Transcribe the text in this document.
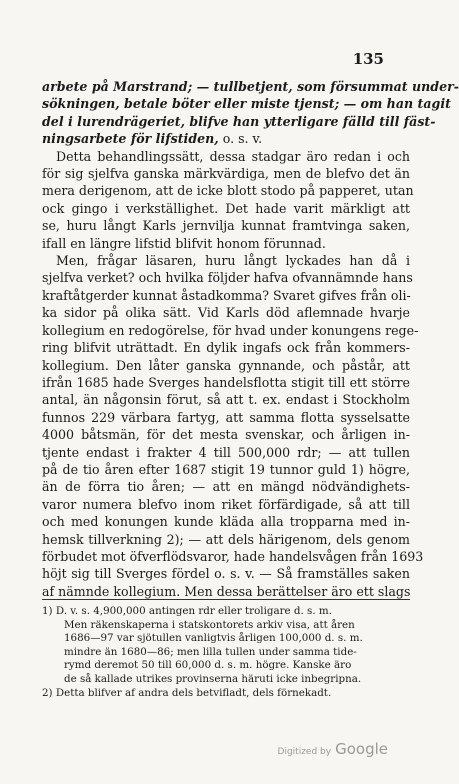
135
arbete på Marstrand; — tullbetjent, som försummat under-
sökningen, betale böter eller miste tjenst; — om han tagit
del i lurendrägeriet, blifve han ytterligare fälld till fäst-
ningsarbete för lifstiden, o. s. v.
Detta behandlingssätt, dessa stadgar äro redan i och
för sig sjelfva ganska märkvärdiga, men de blefvo det än
mera derigenom, att de icke blott stodo på papperet, utan
ock gingo i verkställighet. Det hade varit märkligt att
se, huru långt Karls jernvilja kunnat framtvinga saken,
ifall en längre lifstid blifvit honom förunnad.
Men, frågar läsaren, huru långt lyckades han då i
sjelfva verket? och hvilka följder hafva ofvannämnde hans
kraftåtgerder kunnat åstadkomma? Svaret gifves från oli-
ka sidor på olika sätt. Vid Karls död aflemnade hvarje
kollegium en redogörelse, för hvad under konungens rege-
ring blifvit uträttadt. En dylik ingafs ock från kommers-
kollegium. Den låter ganska gynnande, och påstår, att
ifrån 1685 hade Sverges handelsflotta stigit till ett större
antal, än någonsin förut, så att t. ex. endast i Stockholm
funnos 229 värbara fartyg, att samma flotta sysselsatte
4000 båtsmän, för det mesta svenskar, och årligen in-
tjente endast i frakter 4 till 500,000 rdr; — att tullen
på de tio åren efter 1687 stigit 19 tunnor guld 1) högre,
än de förra tio åren; — att en mängd nödvändighets-
varor numera blefvo inom riket förfärdigade, så att till
och med konungen kunde kläda alla tropparna med in-
hemsk tillverkning 2); — att dels härigenom, dels genom
förbudet mot öfverflödsvaror, hade handelsvågen från 1693
höjt sig till Sverges fördel o. s. v. — Så framställes saken
af nämnde kollegium. Men dessa berättelser äro ett slags
1) D. v. s. 4,900,000 antingen rdr eller troligare d. s. m.
Men räkenskaperna i statskontorets arkiv visa, att åren
1686—97 var sjötullen vanligtvis årligen 100,000 d. s. m.
mindre än 1680—86; men lilla tullen under samma tide-
rymd deremot 50 till 60,000 d. s. m. högre. Kanske äro
de så kallade utrikes provinserna häruti icke inbegripna.
2) Detta blifver af andra dels betvifladt, dels förnekadt.
Digitized by Google
